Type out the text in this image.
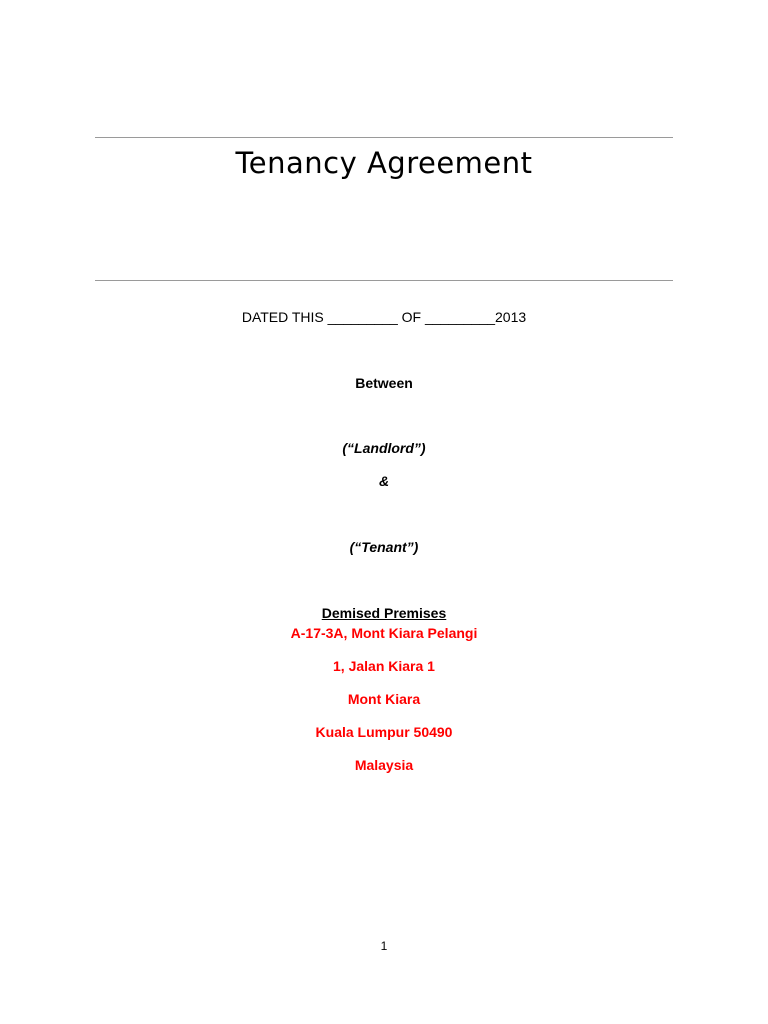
Tenancy Agreement
DATED THIS _________ OF _________2013
Between
(“Landlord”)
&
(“Tenant”)
Demised Premises
A-17-3A, Mont Kiara Pelangi
1, Jalan Kiara 1
Mont Kiara
Kuala Lumpur 50490
Malaysia
1
